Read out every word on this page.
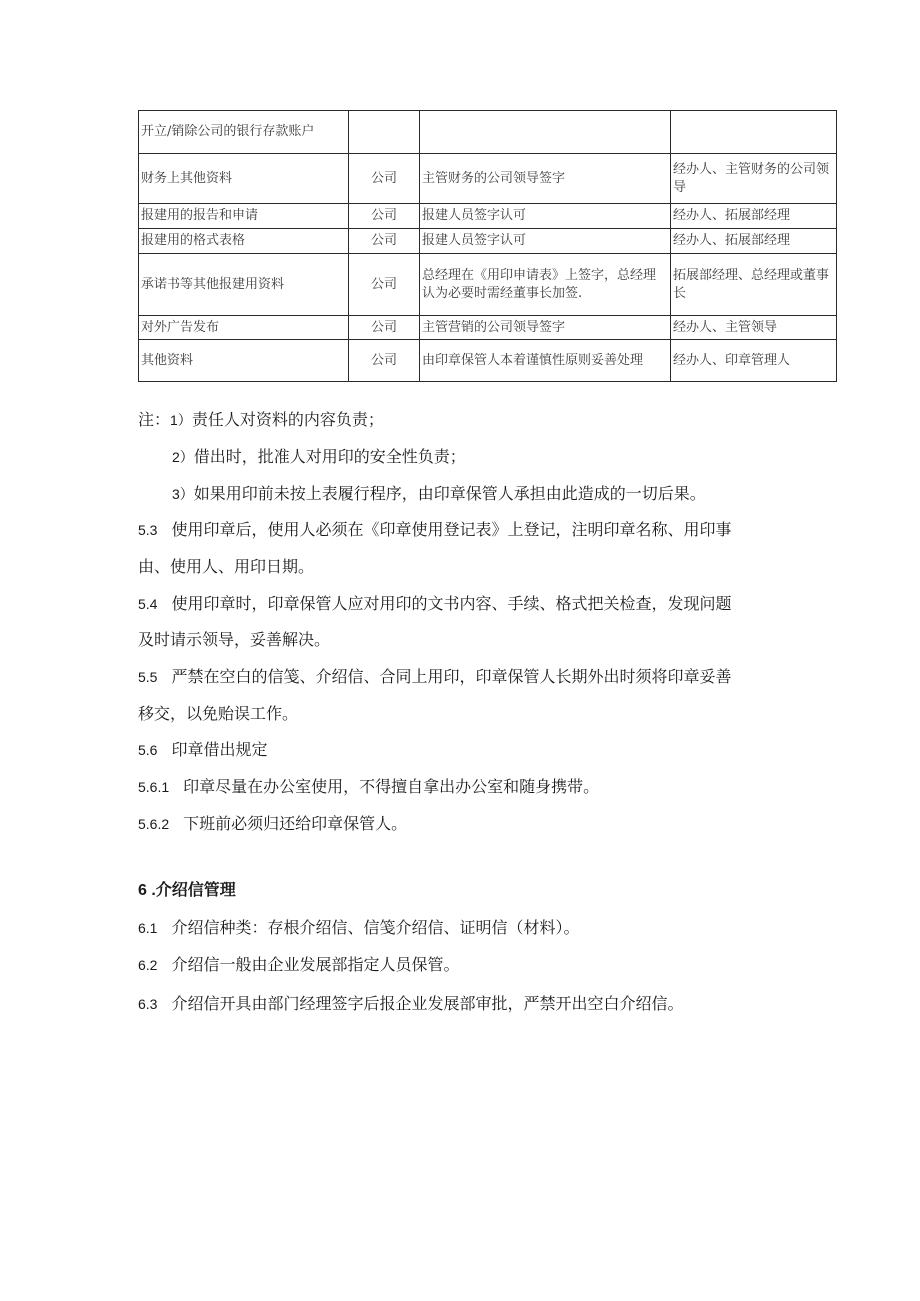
开立/销除公司的银行存款账户			
财务上其他资料	公司	主管财务的公司领导签字	经办人、主管财务的公司领导
报建用的报告和申请	公司	报建人员签字认可	经办人、拓展部经理
报建用的格式表格	公司	报建人员签字认可	经办人、拓展部经理
承诺书等其他报建用资料	公司	总经理在《用印申请表》上签字，总经理认为必要时需经董事长加签.	拓展部经理、总经理或董事长
对外广告发布	公司	主管营销的公司领导签字	经办人、主管领导
其他资料	公司	由印章保管人本着谨慎性原则妥善处理	经办人、印章管理人
注：1）责任人对资料的内容负责；
2）借出时，批准人对用印的安全性负责；
3）如果用印前未按上表履行程序，由印章保管人承担由此造成的一切后果。
5.3 使用印章后，使用人必须在《印章使用登记表》上登记，注明印章名称、用印事
由、使用人、用印日期。
5.4 使用印章时，印章保管人应对用印的文书内容、手续、格式把关检查，发现问题
及时请示领导，妥善解决。
5.5 严禁在空白的信笺、介绍信、合同上用印，印章保管人长期外出时须将印章妥善
移交，以免贻误工作。
5.6 印章借出规定
5.6.1 印章尽量在办公室使用，不得擅自拿出办公室和随身携带。
5.6.2 下班前必须归还给印章保管人。
6 .介绍信管理
6.1 介绍信种类：存根介绍信、信笺介绍信、证明信（材料）。
6.2 介绍信一般由企业发展部指定人员保管。
6.3 介绍信开具由部门经理签字后报企业发展部审批，严禁开出空白介绍信。
